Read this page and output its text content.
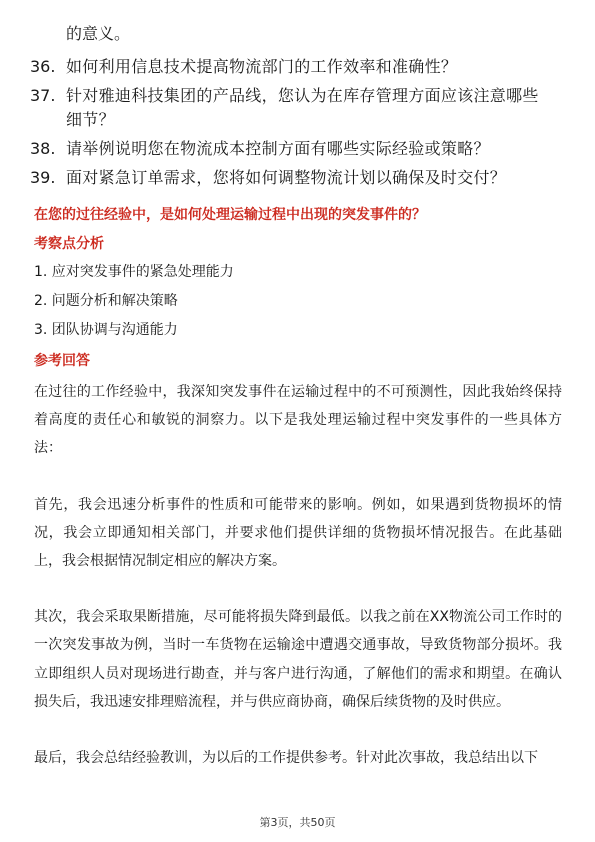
的意义。
36. 如何利用信息技术提高物流部门的工作效率和准确性？
37. 针对雅迪科技集团的产品线，您认为在库存管理方面应该注意哪些细节？
38. 请举例说明您在物流成本控制方面有哪些实际经验或策略？
39. 面对紧急订单需求，您将如何调整物流计划以确保及时交付？
在您的过往经验中，是如何处理运输过程中出现的突发事件的？
考察点分析
1. 应对突发事件的紧急处理能力
2. 问题分析和解决策略
3. 团队协调与沟通能力
参考回答

在过往的工作经验中，我深知突发事件在运输过程中的不可预测性，因此我始终保持着高度的责任心和敏锐的洞察力。以下是我处理运输过程中突发事件的一些具体方法：

首先，我会迅速分析事件的性质和可能带来的影响。例如，如果遇到货物损坏的情况，我会立即通知相关部门，并要求他们提供详细的货物损坏情况报告。在此基础上，我会根据情况制定相应的解决方案。

其次，我会采取果断措施，尽可能将损失降到最低。以我之前在XX物流公司工作时的一次突发事故为例，当时一车货物在运输途中遭遇交通事故，导致货物部分损坏。我立即组织人员对现场进行勘查，并与客户进行沟通，了解他们的需求和期望。在确认损失后，我迅速安排理赔流程，并与供应商协商，确保后续货物的及时供应。

最后，我会总结经验教训，为以后的工作提供参考。针对此次事故，我总结出以下

第3页，共50页
